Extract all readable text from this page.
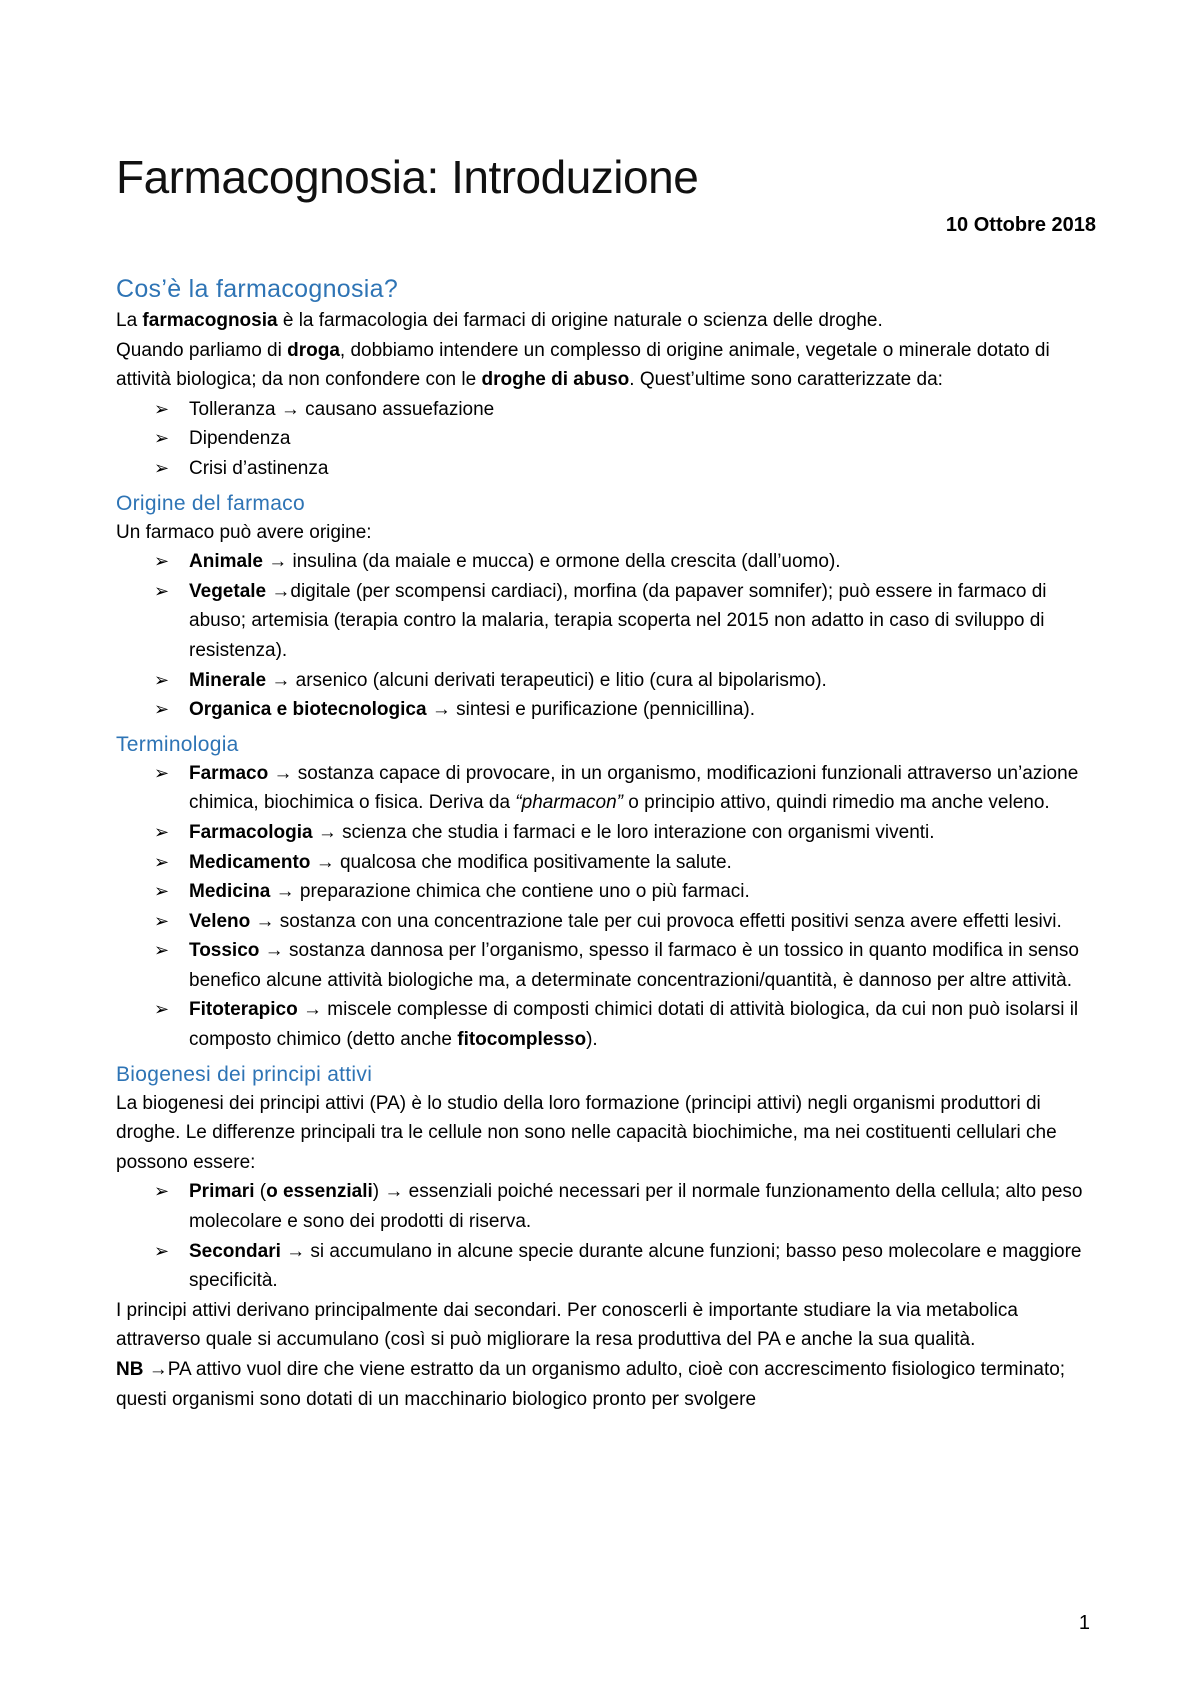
Farmacognosia: Introduzione
10 Ottobre 2018
Cos’è la farmacognosia?

La farmacognosia è la farmacologia dei farmaci di origine naturale o scienza delle droghe.

Quando parliamo di droga, dobbiamo intendere un complesso di origine animale, vegetale o minerale dotato di attività biologica; da non confondere con le droghe di abuso. Quest’ultime sono caratterizzate da:

➢ Tolleranza → causano assuefazione
➢ Dipendenza
➢ Crisi d’astinenza
Origine del farmaco

Un farmaco può avere origine:

➢ Animale → insulina (da maiale e mucca) e ormone della crescita (dall’uomo).
➢ Vegetale →digitale (per scompensi cardiaci), morfina (da papaver somnifer); può essere in farmaco di abuso; artemisia (terapia contro la malaria, terapia scoperta nel 2015 non adatto in caso di sviluppo di resistenza).
➢ Minerale → arsenico (alcuni derivati terapeutici) e litio (cura al bipolarismo).
➢ Organica e biotecnologica → sintesi e purificazione (pennicillina).
Terminologia
➢ Farmaco → sostanza capace di provocare, in un organismo, modificazioni funzionali attraverso un’azione chimica, biochimica o fisica. Deriva da “pharmacon” o principio attivo, quindi rimedio ma anche veleno.
➢ Farmacologia → scienza che studia i farmaci e le loro interazione con organismi viventi.
➢ Medicamento → qualcosa che modifica positivamente la salute.
➢ Medicina → preparazione chimica che contiene uno o più farmaci.
➢ Veleno → sostanza con una concentrazione tale per cui provoca effetti positivi senza avere effetti lesivi.
➢ Tossico → sostanza dannosa per l’organismo, spesso il farmaco è un tossico in quanto modifica in senso benefico alcune attività biologiche ma, a determinate concentrazioni/quantità, è dannoso per altre attività.
➢ Fitoterapico → miscele complesse di composti chimici dotati di attività biologica, da cui non può isolarsi il composto chimico (detto anche fitocomplesso).
Biogenesi dei principi attivi

La biogenesi dei principi attivi (PA) è lo studio della loro formazione (principi attivi) negli organismi produttori di droghe. Le differenze principali tra le cellule non sono nelle capacità biochimiche, ma nei costituenti cellulari che possono essere:

➢ Primari (o essenziali) → essenziali poiché necessari per il normale funzionamento della cellula; alto peso molecolare e sono dei prodotti di riserva.
➢ Secondari → si accumulano in alcune specie durante alcune funzioni; basso peso molecolare e maggiore specificità.

I principi attivi derivano principalmente dai secondari. Per conoscerli è importante studiare la via metabolica attraverso quale si accumulano (così si può migliorare la resa produttiva del PA e anche la sua qualità.

NB →PA attivo vuol dire che viene estratto da un organismo adulto, cioè con accrescimento fisiologico terminato; questi organismi sono dotati di un macchinario biologico pronto per svolgere

1
